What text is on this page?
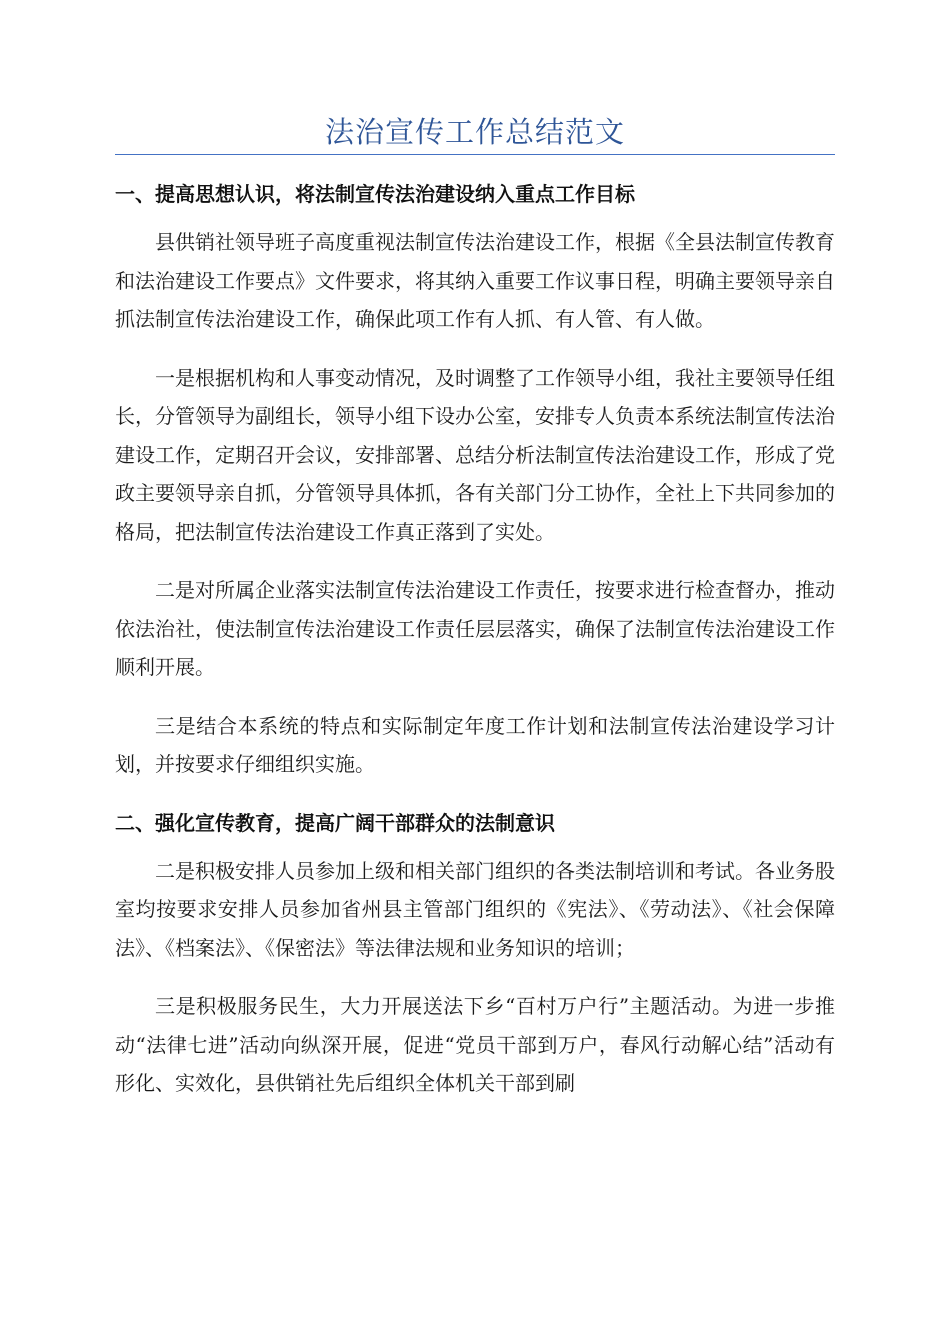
法治宣传工作总结范文
一、提高思想认识，将法制宣传法治建设纳入重点工作目标

县供销社领导班子高度重视法制宣传法治建设工作，根据《全县法制宣传教育和法治建设工作要点》文件要求，将其纳入重要工作议事日程，明确主要领导亲自抓法制宣传法治建设工作，确保此项工作有人抓、有人管、有人做。

一是根据机构和人事变动情况，及时调整了工作领导小组，我社主要领导任组长，分管领导为副组长，领导小组下设办公室，安排专人负责本系统法制宣传法治建设工作，定期召开会议，安排部署、总结分析法制宣传法治建设工作，形成了党政主要领导亲自抓，分管领导具体抓，各有关部门分工协作，全社上下共同参加的格局，把法制宣传法治建设工作真正落到了实处。

二是对所属企业落实法制宣传法治建设工作责任，按要求进行检查督办，推动依法治社，使法制宣传法治建设工作责任层层落实，确保了法制宣传法治建设工作顺利开展。

三是结合本系统的特点和实际制定年度工作计划和法制宣传法治建设学习计划，并按要求仔细组织实施。

二、强化宣传教育，提高广阔干部群众的法制意识

二是积极安排人员参加上级和相关部门组织的各类法制培训和考试。各业务股室均按要求安排人员参加省州县主管部门组织的《宪法》、《劳动法》、《社会保障法》、《档案法》、《保密法》等法律法规和业务知识的培训；

三是积极服务民生，大力开展送法下乡“百村万户行”主题活动。为进一步推动“法律七进”活动向纵深开展，促进“党员干部到万户，春风行动解心结”活动有形化、实效化，县供销社先后组织全体机关干部到刷
